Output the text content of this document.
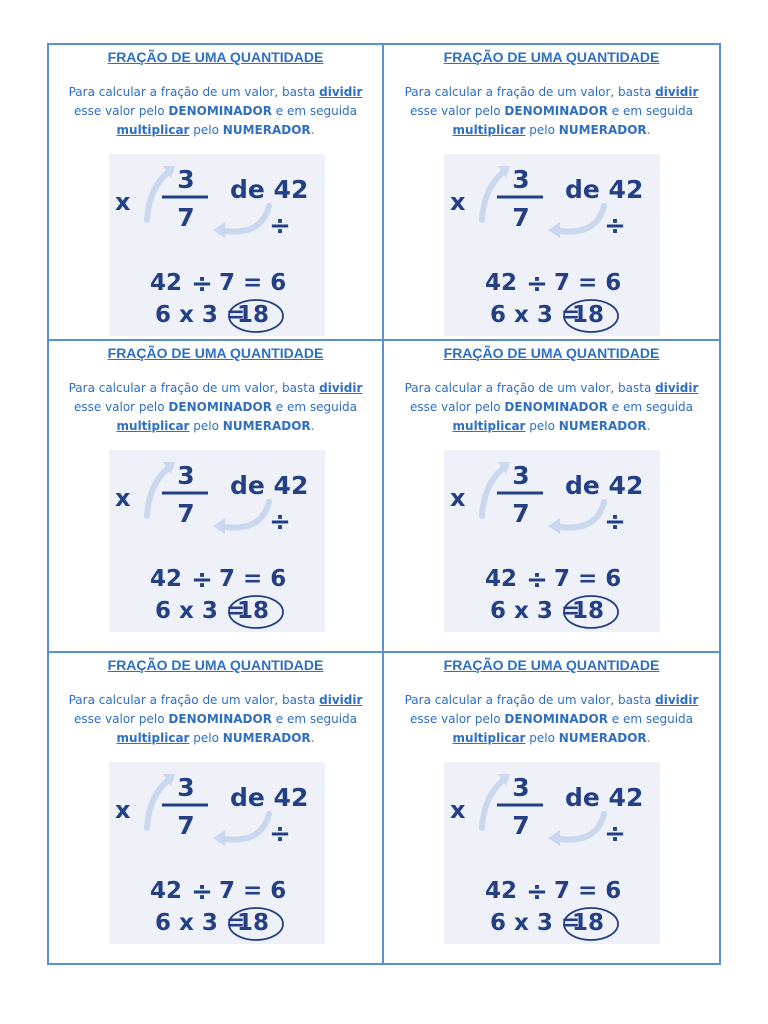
FRAÇÃO DE UMA QUANTIDADE
Para calcular a fração de um valor, basta dividir
esse valor pelo DENOMINADOR e em seguida
multiplicar pelo NUMERADOR.
x
3
7
de 42
÷
42 ÷ 7 = 6
6 x 3 =
18
FRAÇÃO DE UMA QUANTIDADE
Para calcular a fração de um valor, basta dividir
esse valor pelo DENOMINADOR e em seguida
multiplicar pelo NUMERADOR.
x
3
7
de 42
÷
42 ÷ 7 = 6
6 x 3 =
18
FRAÇÃO DE UMA QUANTIDADE
Para calcular a fração de um valor, basta dividir
esse valor pelo DENOMINADOR e em seguida
multiplicar pelo NUMERADOR.
x
3
7
de 42
÷
42 ÷ 7 = 6
6 x 3 =
18
FRAÇÃO DE UMA QUANTIDADE
Para calcular a fração de um valor, basta dividir
esse valor pelo DENOMINADOR e em seguida
multiplicar pelo NUMERADOR.
x
3
7
de 42
÷
42 ÷ 7 = 6
6 x 3 =
18
FRAÇÃO DE UMA QUANTIDADE
Para calcular a fração de um valor, basta dividir
esse valor pelo DENOMINADOR e em seguida
multiplicar pelo NUMERADOR.
x
3
7
de 42
÷
42 ÷ 7 = 6
6 x 3 =
18
FRAÇÃO DE UMA QUANTIDADE
Para calcular a fração de um valor, basta dividir
esse valor pelo DENOMINADOR e em seguida
multiplicar pelo NUMERADOR.
x
3
7
de 42
÷
42 ÷ 7 = 6
6 x 3 =
18
